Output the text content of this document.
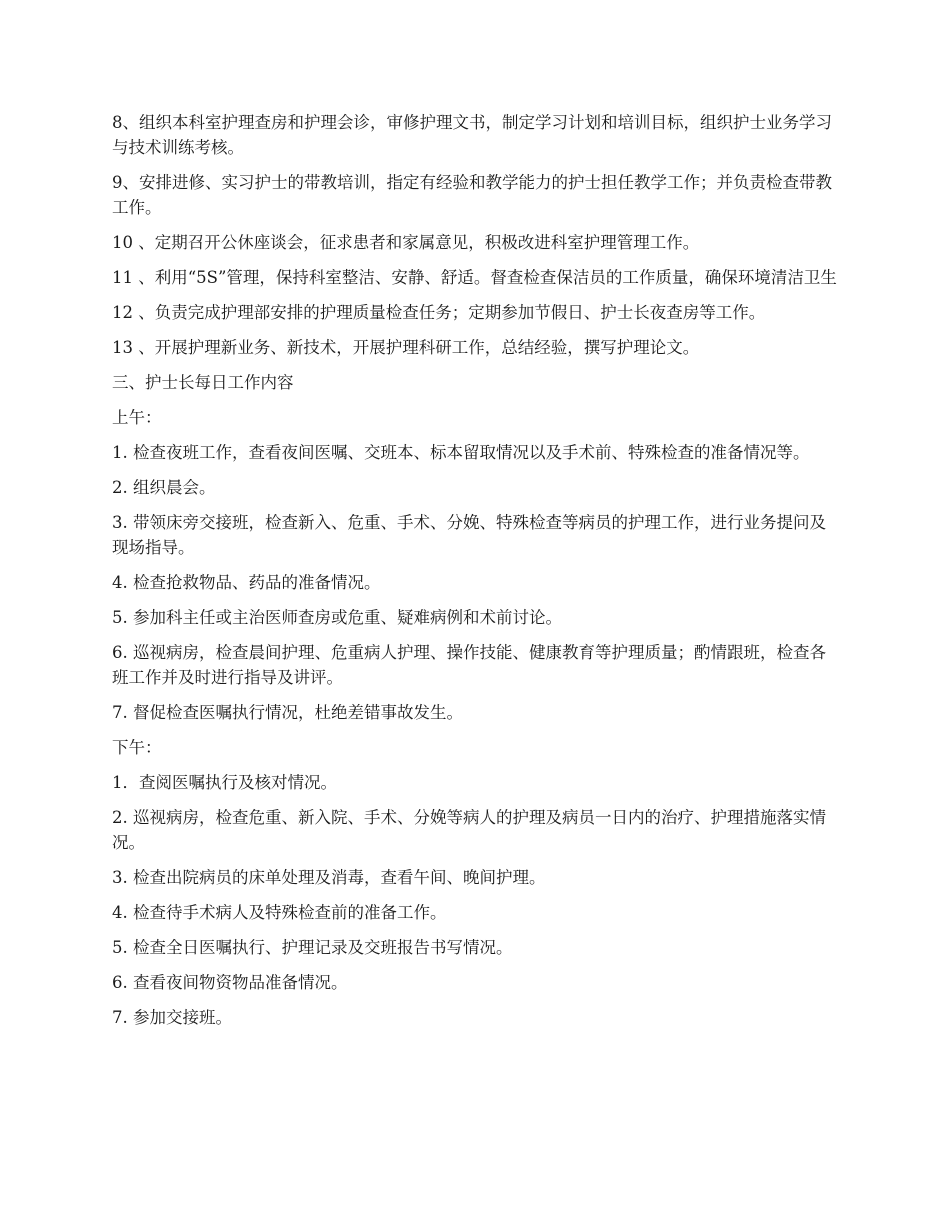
8、组织本科室护理查房和护理会诊，审修护理文书，制定学习计划和培训目标，组织护士业务学习与技术训练考核。

9、安排进修、实习护士的带教培训，指定有经验和教学能力的护士担任教学工作；并负责检查带教工作。

10 、定期召开公休座谈会，征求患者和家属意见，积极改进科室护理管理工作。

11 、利用“5S”管理，保持科室整洁、安静、舒适。督查检查保洁员的工作质量，确保环境清洁卫生

12 、负责完成护理部安排的护理质量检查任务；定期参加节假日、护士长夜查房等工作。

13 、开展护理新业务、新技术，开展护理科研工作，总结经验，撰写护理论文。

三、护士长每日工作内容

上午：

1. 检查夜班工作，查看夜间医嘱、交班本、标本留取情况以及手术前、特殊检查的准备情况等。

2. 组织晨会。

3. 带领床旁交接班，检查新入、危重、手术、分娩、特殊检查等病员的护理工作，进行业务提问及现场指导。

4. 检查抢救物品、药品的准备情况。

5. 参加科主任或主治医师查房或危重、疑难病例和术前讨论。

6. 巡视病房，检查晨间护理、危重病人护理、操作技能、健康教育等护理质量；酌情跟班，检查各班工作并及时进行指导及讲评。

7. 督促检查医嘱执行情况，杜绝差错事故发生。

下午：

1．查阅医嘱执行及核对情况。

2. 巡视病房，检查危重、新入院、手术、分娩等病人的护理及病员一日内的治疗、护理措施落实情况。

3. 检查出院病员的床单处理及消毒，查看午间、晚间护理。

4. 检查待手术病人及特殊检查前的准备工作。

5. 检查全日医嘱执行、护理记录及交班报告书写情况。

6. 查看夜间物资物品准备情况。

7. 参加交接班。
